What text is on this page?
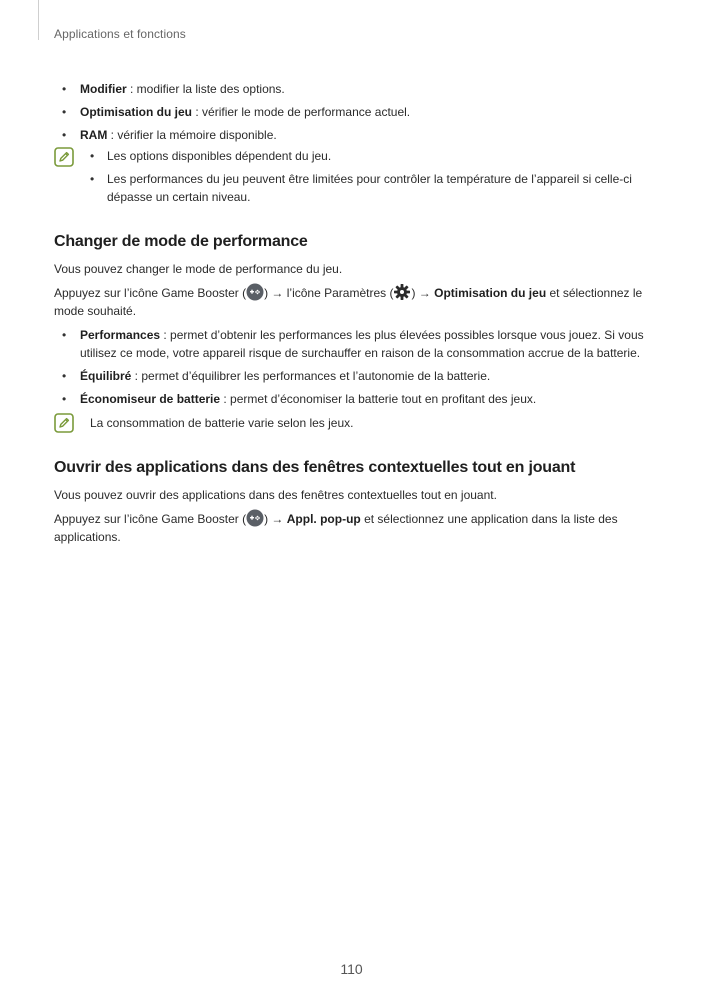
Applications et fonctions
• Modifier : modifier la liste des options.
• Optimisation du jeu : vérifier le mode de performance actuel.
• RAM : vérifier la mémoire disponible.
• Les options disponibles dépendent du jeu.
• Les performances du jeu peuvent être limitées pour contrôler la température de l’appareil si celle-ci dépasse un certain niveau.
Changer de mode de performance

Vous pouvez changer le mode de performance du jeu.

Appuyez sur l’icône Game Booster ( ) → l’icône Paramètres ( ) → Optimisation du jeu et sélectionnez le mode souhaité.

• Performances : permet d’obtenir les performances les plus élevées possibles lorsque vous jouez. Si vous utilisez ce mode, votre appareil risque de surchauffer en raison de la consommation accrue de la batterie.
• Équilibré : permet d’équilibrer les performances et l’autonomie de la batterie.
• Économiseur de batterie : permet d’économiser la batterie tout en profitant des jeux.
La consommation de batterie varie selon les jeux.
Ouvrir des applications dans des fenêtres contextuelles tout en jouant

Vous pouvez ouvrir des applications dans des fenêtres contextuelles tout en jouant.

Appuyez sur l’icône Game Booster ( ) → Appl. pop-up et sélectionnez une application dans la liste des applications.

110
